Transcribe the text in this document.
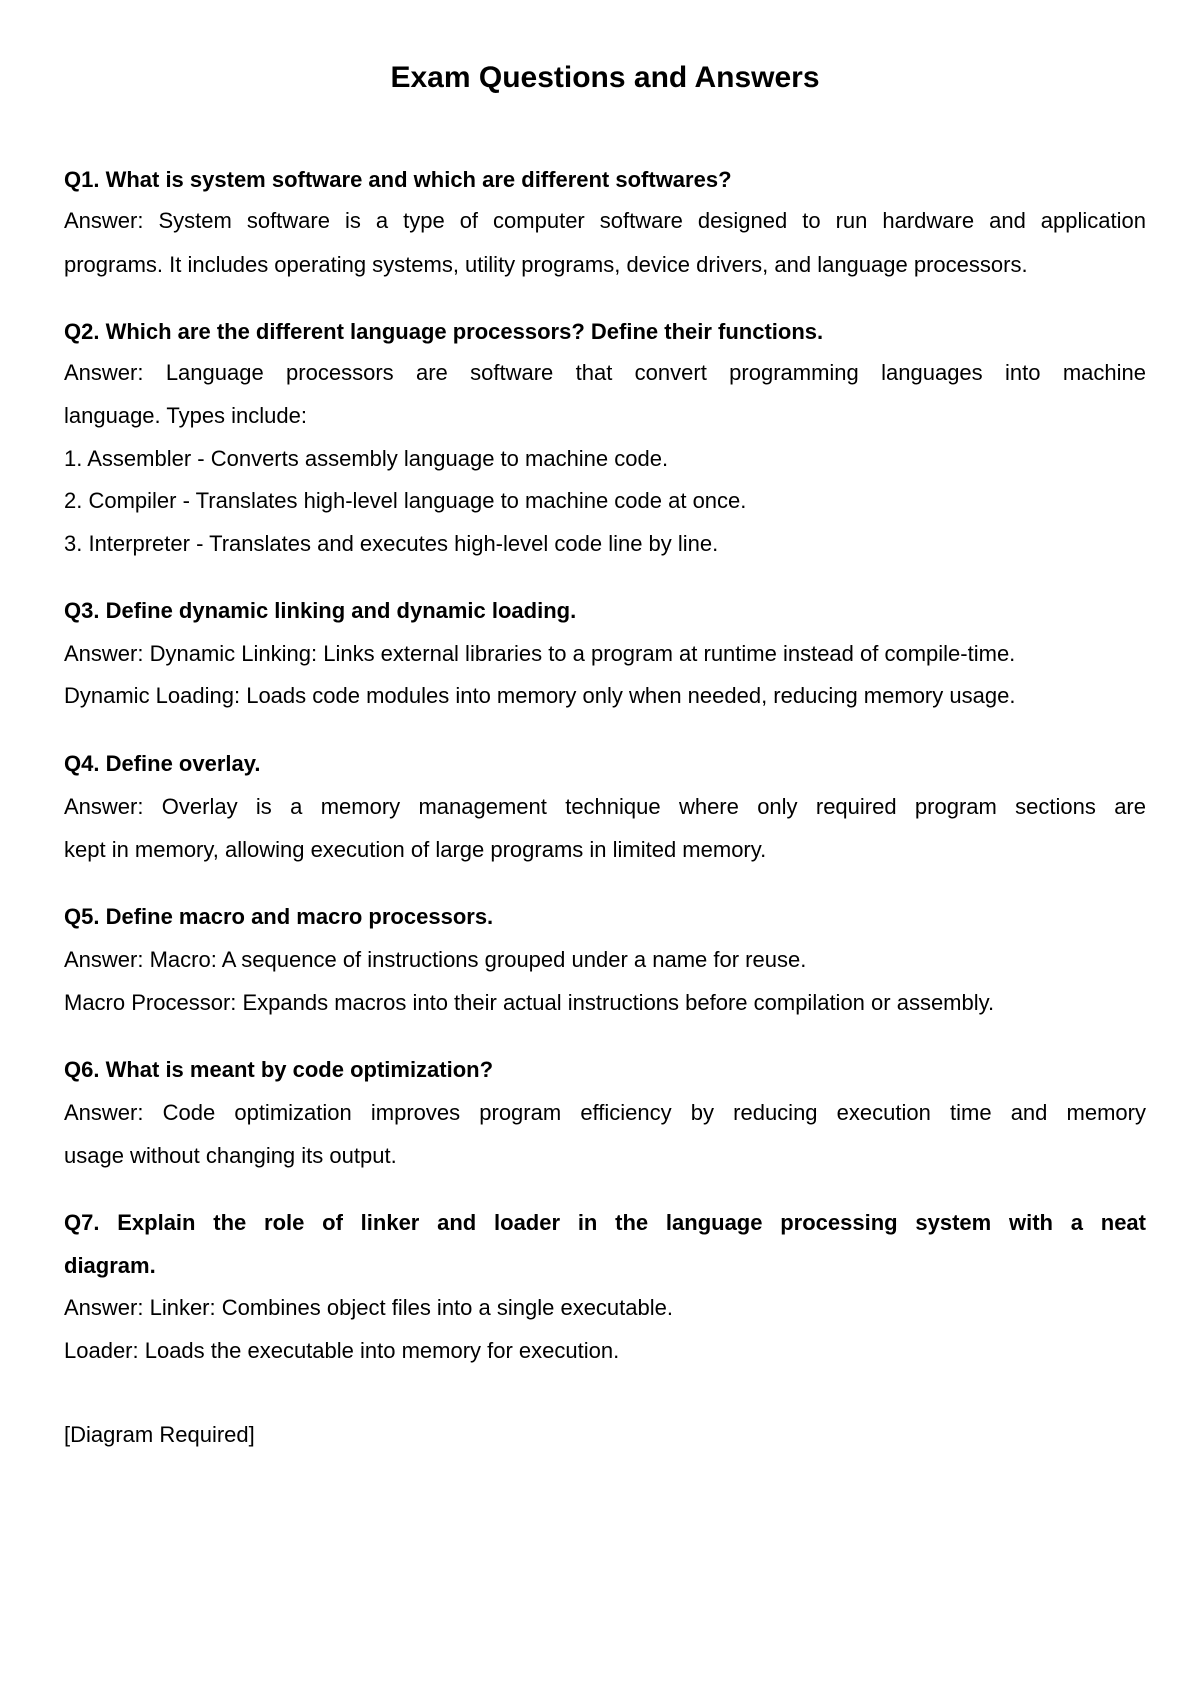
Exam Questions and Answers

Q1. What is system software and which are different softwares?

Answer: System software is a type of computer software designed to run hardware and application

programs. It includes operating systems, utility programs, device drivers, and language processors.

Q2. Which are the different language processors? Define their functions.

Answer: Language processors are software that convert programming languages into machine

language. Types include:

1. Assembler - Converts assembly language to machine code.

2. Compiler - Translates high-level language to machine code at once.

3. Interpreter - Translates and executes high-level code line by line.

Q3. Define dynamic linking and dynamic loading.

Answer: Dynamic Linking: Links external libraries to a program at runtime instead of compile-time.

Dynamic Loading: Loads code modules into memory only when needed, reducing memory usage.

Q4. Define overlay.

Answer: Overlay is a memory management technique where only required program sections are

kept in memory, allowing execution of large programs in limited memory.

Q5. Define macro and macro processors.

Answer: Macro: A sequence of instructions grouped under a name for reuse.

Macro Processor: Expands macros into their actual instructions before compilation or assembly.

Q6. What is meant by code optimization?

Answer: Code optimization improves program efficiency by reducing execution time and memory

usage without changing its output.

Q7. Explain the role of linker and loader in the language processing system with a neat

diagram.

Answer: Linker: Combines object files into a single executable.

Loader: Loads the executable into memory for execution.

[Diagram Required]
